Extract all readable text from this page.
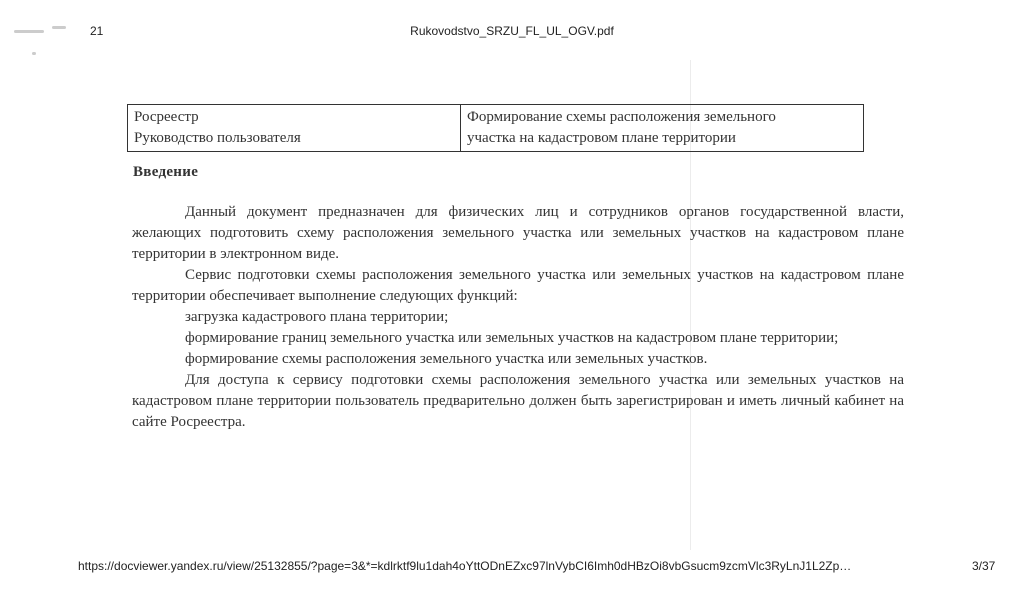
21	Rukovodstvo_SRZU_FL_UL_OGV.pdf
Росреестр
Руководство пользователя

Формирование схемы расположения земельного
участка на кадастровом плане территории
Введение

Данный документ предназначен для физических лиц и сотрудников органов государственной власти, желающих подготовить схему расположения земельного участка или земельных участков на кадастровом плане территории в электронном виде.

Сервис подготовки схемы расположения земельного участка или земельных участков на кадастровом плане территории обеспечивает выполнение следующих функций:

загрузка кадастрового плана территории;

формирование границ земельного участка или земельных участков на кадастровом плане территории;

формирование схемы расположения земельного участка или земельных участков.

Для доступа к сервису подготовки схемы расположения земельного участка или земельных участков на кадастровом плане территории пользователь предварительно должен быть зарегистрирован и иметь личный кабинет на сайте Росреестра.

https://docviewer.yandex.ru/view/25132855/?page=3&*=kdlrktf9lu1dah4oYttODnEZxc97lnVybCI6Imh0dHBzOi8vbGsucm9zcmVlc3RyLnJ1L2Zp…	3/37
